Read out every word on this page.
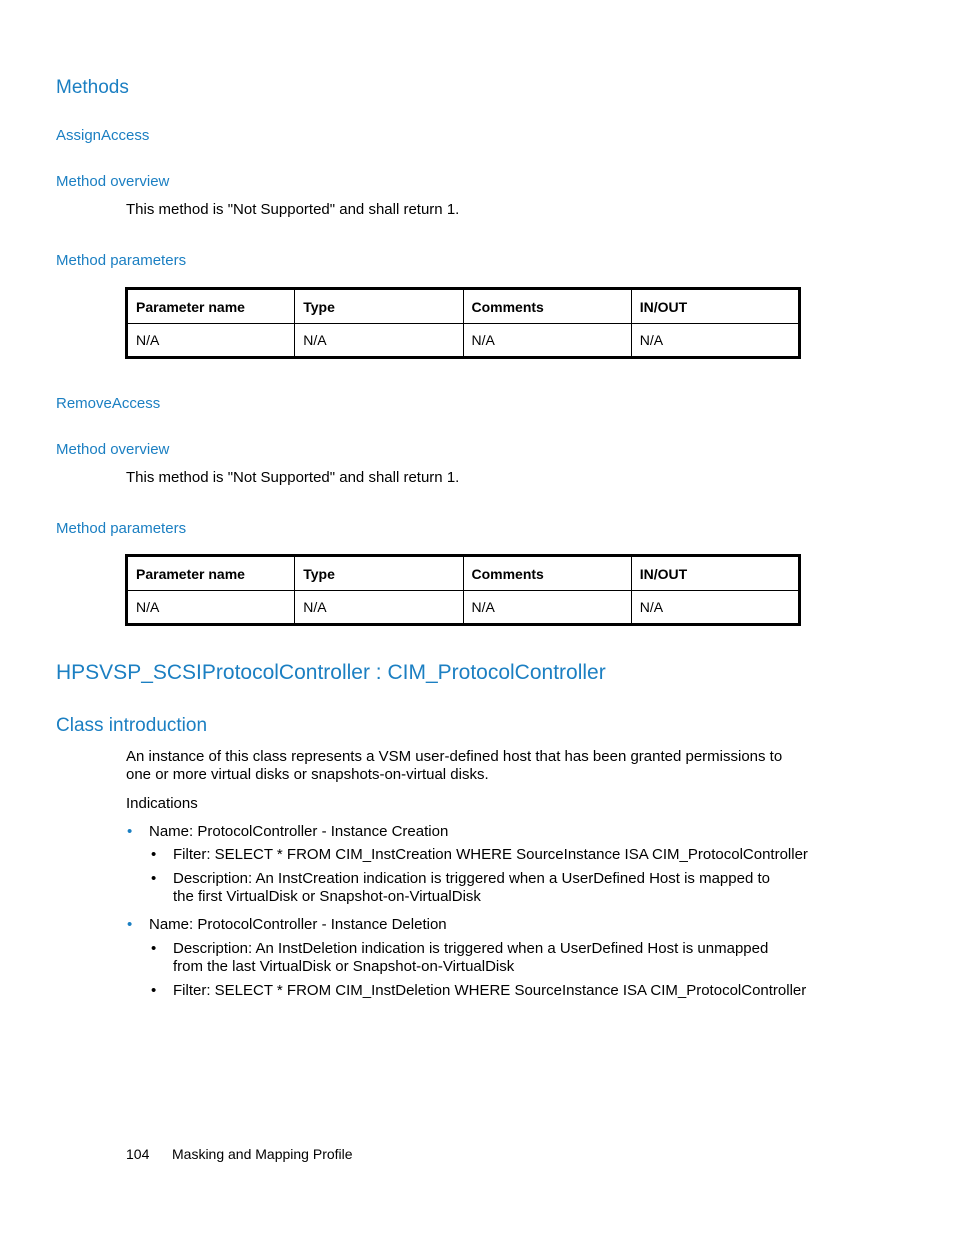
Methods
AssignAccess
Method overview
This method is "Not Supported" and shall return 1.
Method parameters
Parameter name	Type	Comments	IN/OUT
N/A	N/A	N/A	N/A
RemoveAccess
Method overview
This method is "Not Supported" and shall return 1.
Method parameters
Parameter name	Type	Comments	IN/OUT
N/A	N/A	N/A	N/A
HPSVSP_SCSIProtocolController : CIM_ProtocolController
Class introduction
An instance of this class represents a VSM user-defined host that has been granted permissions to one or more virtual disks or snapshots-on-virtual disks.
Indications
• Name: ProtocolController - Instance Creation
• Filter: SELECT * FROM CIM_InstCreation WHERE SourceInstance ISA CIM_ProtocolController
• Description: An InstCreation indication is triggered when a UserDefined Host is mapped to the first VirtualDisk or Snapshot-on-VirtualDisk
• Name: ProtocolController - Instance Deletion
• Description: An InstDeletion indication is triggered when a UserDefined Host is unmapped from the last VirtualDisk or Snapshot-on-VirtualDisk
• Filter: SELECT * FROM CIM_InstDeletion WHERE SourceInstance ISA CIM_ProtocolController
104 Masking and Mapping Profile
